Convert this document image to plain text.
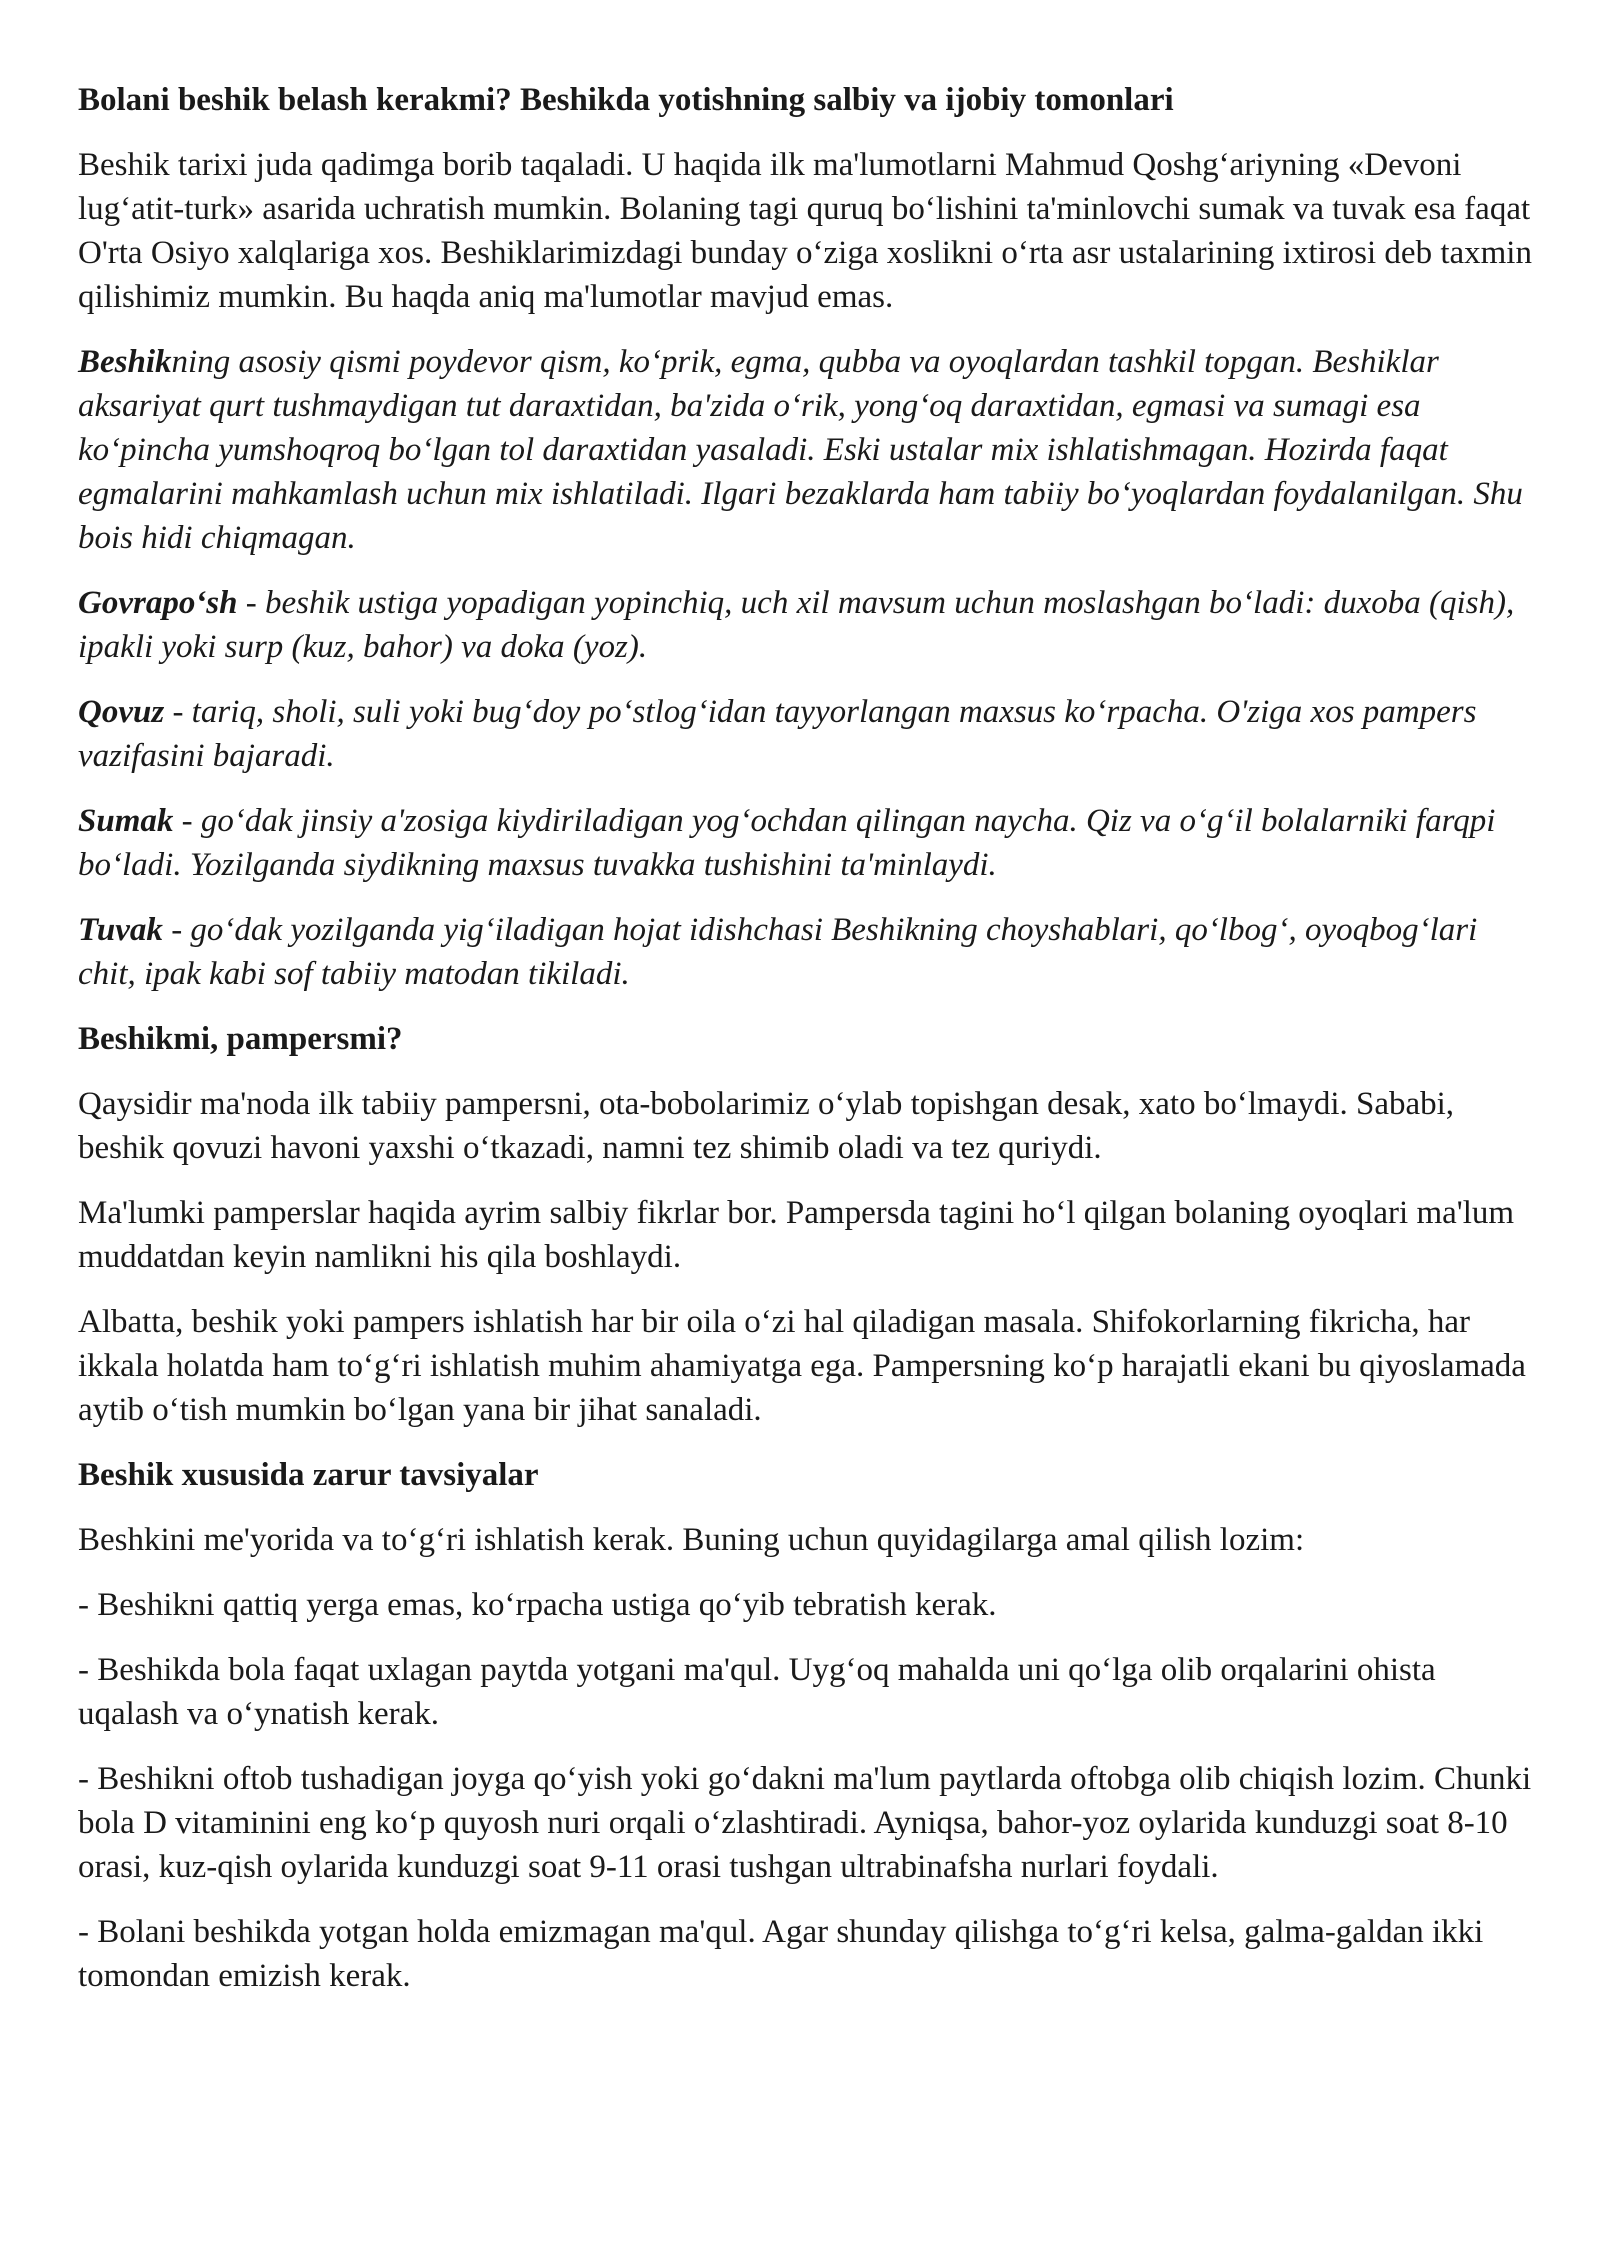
Bolani beshik belash kerakmi? Beshikda yotishning salbiy va ijobiy tomonlari

Beshik tarixi juda qadimga borib taqaladi. U haqida ilk ma'lumotlarni Mahmud Qoshg‘ariyning «Devoni lug‘atit-turk» asarida uchratish mumkin. Bolaning tagi quruq bo‘lishini ta'minlovchi sumak va tuvak esa faqat O'rta Osiyo xalqlariga xos. Beshiklarimizdagi bunday o‘ziga xoslikni o‘rta asr ustalarining ixtirosi deb taxmin qilishimiz mumkin. Bu haqda aniq ma'lumotlar mavjud emas.

Beshikning asosiy qismi poydevor qism, ko‘prik, egma, qubba va oyoqlardan tashkil topgan. Beshiklar aksariyat qurt tushmaydigan tut daraxtidan, ba'zida o‘rik, yong‘oq daraxtidan, egmasi va sumagi esa ko‘pincha yumshoqroq bo‘lgan tol daraxtidan yasaladi. Eski ustalar mix ishlatishmagan. Hozirda faqat egmalarini mahkamlash uchun mix ishlatiladi. Ilgari bezaklarda ham tabiiy bo‘yoqlardan foydalanilgan. Shu bois hidi chiqmagan.

Govrapo‘sh - beshik ustiga yopadigan yopinchiq, uch xil mavsum uchun moslashgan bo‘ladi: duxoba (qish), ipakli yoki surp (kuz, bahor) va doka (yoz).

Qovuz - tariq, sholi, suli yoki bug‘doy po‘stlog‘idan tayyorlangan maxsus ko‘rpacha. O'ziga xos pampers vazifasini bajaradi.

Sumak - go‘dak jinsiy a'zosiga kiydiriladigan yog‘ochdan qilingan naycha. Qiz va o‘g‘il bolalarniki farqpi bo‘ladi. Yozilganda siydikning maxsus tuvakka tushishini ta'minlaydi.

Tuvak - go‘dak yozilganda yig‘iladigan hojat idishchasi Beshikning choyshablari, qo‘lbog‘, oyoqbog‘lari chit, ipak kabi sof tabiiy matodan tikiladi.

Beshikmi, pampersmi?

Qaysidir ma'noda ilk tabiiy pampersni, ota-bobolarimiz o‘ylab topishgan desak, xato bo‘lmaydi. Sababi, beshik qovuzi havoni yaxshi o‘tkazadi, namni tez shimib oladi va tez quriydi.

Ma'lumki pamperslar haqida ayrim salbiy fikrlar bor. Pampersda tagini ho‘l qilgan bolaning oyoqlari ma'lum muddatdan keyin namlikni his qila boshlaydi.

Albatta, beshik yoki pampers ishlatish har bir oila o‘zi hal qiladigan masala. Shifokorlarning fikricha, har ikkala holatda ham to‘g‘ri ishlatish muhim ahamiyatga ega. Pampersning ko‘p harajatli ekani bu qiyoslamada aytib o‘tish mumkin bo‘lgan yana bir jihat sanaladi.

Beshik xususida zarur tavsiyalar

Beshkini me'yorida va to‘g‘ri ishlatish kerak. Buning uchun quyidagilarga amal qilish lozim:

- Beshikni qattiq yerga emas, ko‘rpacha ustiga qo‘yib tebratish kerak.

- Beshikda bola faqat uxlagan paytda yotgani ma'qul. Uyg‘oq mahalda uni qo‘lga olib orqalarini ohista uqalash va o‘ynatish kerak.

- Beshikni oftob tushadigan joyga qo‘yish yoki go‘dakni ma'lum paytlarda oftobga olib chiqish lozim. Chunki bola D vitaminini eng ko‘p quyosh nuri orqali o‘zlashtiradi. Ayniqsa, bahor-yoz oylarida kunduzgi soat 8-10 orasi, kuz-qish oylarida kunduzgi soat 9-11 orasi tushgan ultrabinafsha nurlari foydali.

- Bolani beshikda yotgan holda emizmagan ma'qul. Agar shunday qilishga to‘g‘ri kelsa, galma-galdan ikki tomondan emizish kerak.
